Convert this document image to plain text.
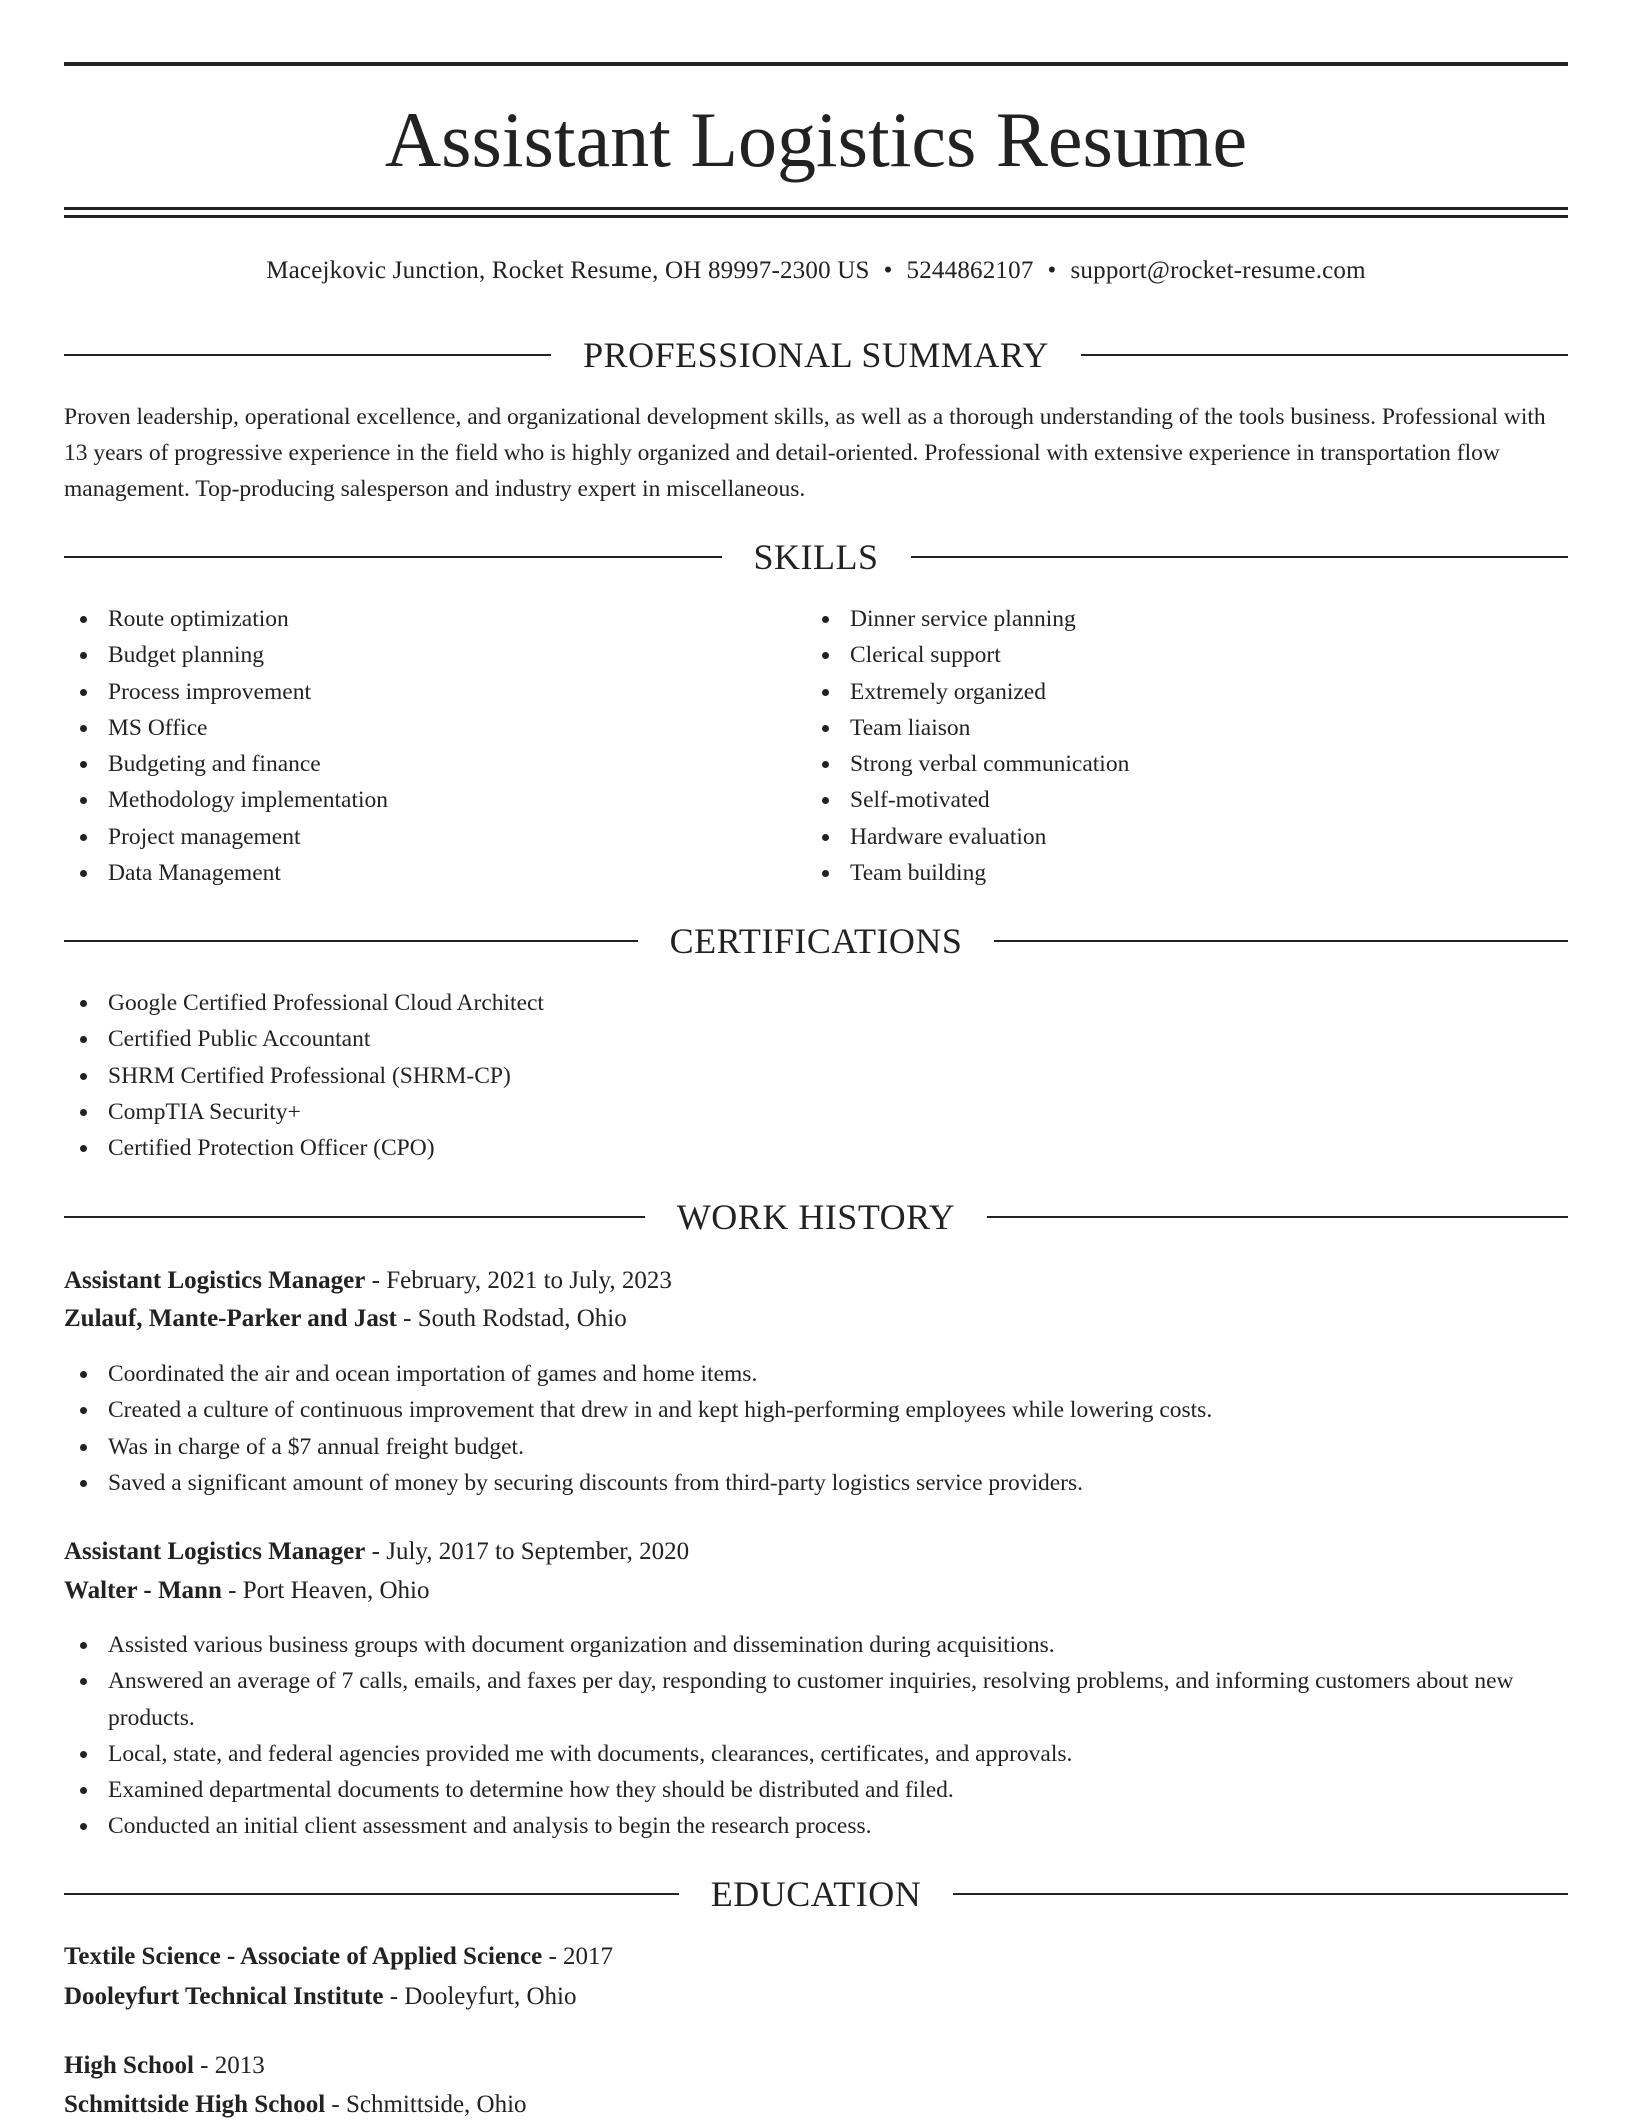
Assistant Logistics Resume
Macejkovic Junction, Rocket Resume, OH 89997-2300 US • 5244862107 • support@rocket-resume.com
PROFESSIONAL SUMMARY

Proven leadership, operational excellence, and organizational development skills, as well as a thorough understanding of the tools business. Professional with 13 years of progressive experience in the field who is highly organized and detail-oriented. Professional with extensive experience in transportation flow management. Top-producing salesperson and industry expert in miscellaneous.

SKILLS
Route optimization
Budget planning
Process improvement
MS Office
Budgeting and finance
Methodology implementation
Project management
Data Management
Dinner service planning
Clerical support
Extremely organized
Team liaison
Strong verbal communication
Self-motivated
Hardware evaluation
Team building
CERTIFICATIONS
Google Certified Professional Cloud Architect
Certified Public Accountant
SHRM Certified Professional (SHRM-CP)
CompTIA Security+
Certified Protection Officer (CPO)
WORK HISTORY
Assistant Logistics Manager - February, 2021 to July, 2023
Zulauf, Mante-Parker and Jast - South Rodstad, Ohio
Coordinated the air and ocean importation of games and home items.
Created a culture of continuous improvement that drew in and kept high-performing employees while lowering costs.
Was in charge of a $7 annual freight budget.
Saved a significant amount of money by securing discounts from third-party logistics service providers.
Assistant Logistics Manager - July, 2017 to September, 2020
Walter - Mann - Port Heaven, Ohio
Assisted various business groups with document organization and dissemination during acquisitions.
Answered an average of 7 calls, emails, and faxes per day, responding to customer inquiries, resolving problems, and informing customers about new products.
Local, state, and federal agencies provided me with documents, clearances, certificates, and approvals.
Examined departmental documents to determine how they should be distributed and filed.
Conducted an initial client assessment and analysis to begin the research process.
EDUCATION
Textile Science - Associate of Applied Science - 2017
Dooleyfurt Technical Institute - Dooleyfurt, Ohio
High School - 2013
Schmittside High School - Schmittside, Ohio
